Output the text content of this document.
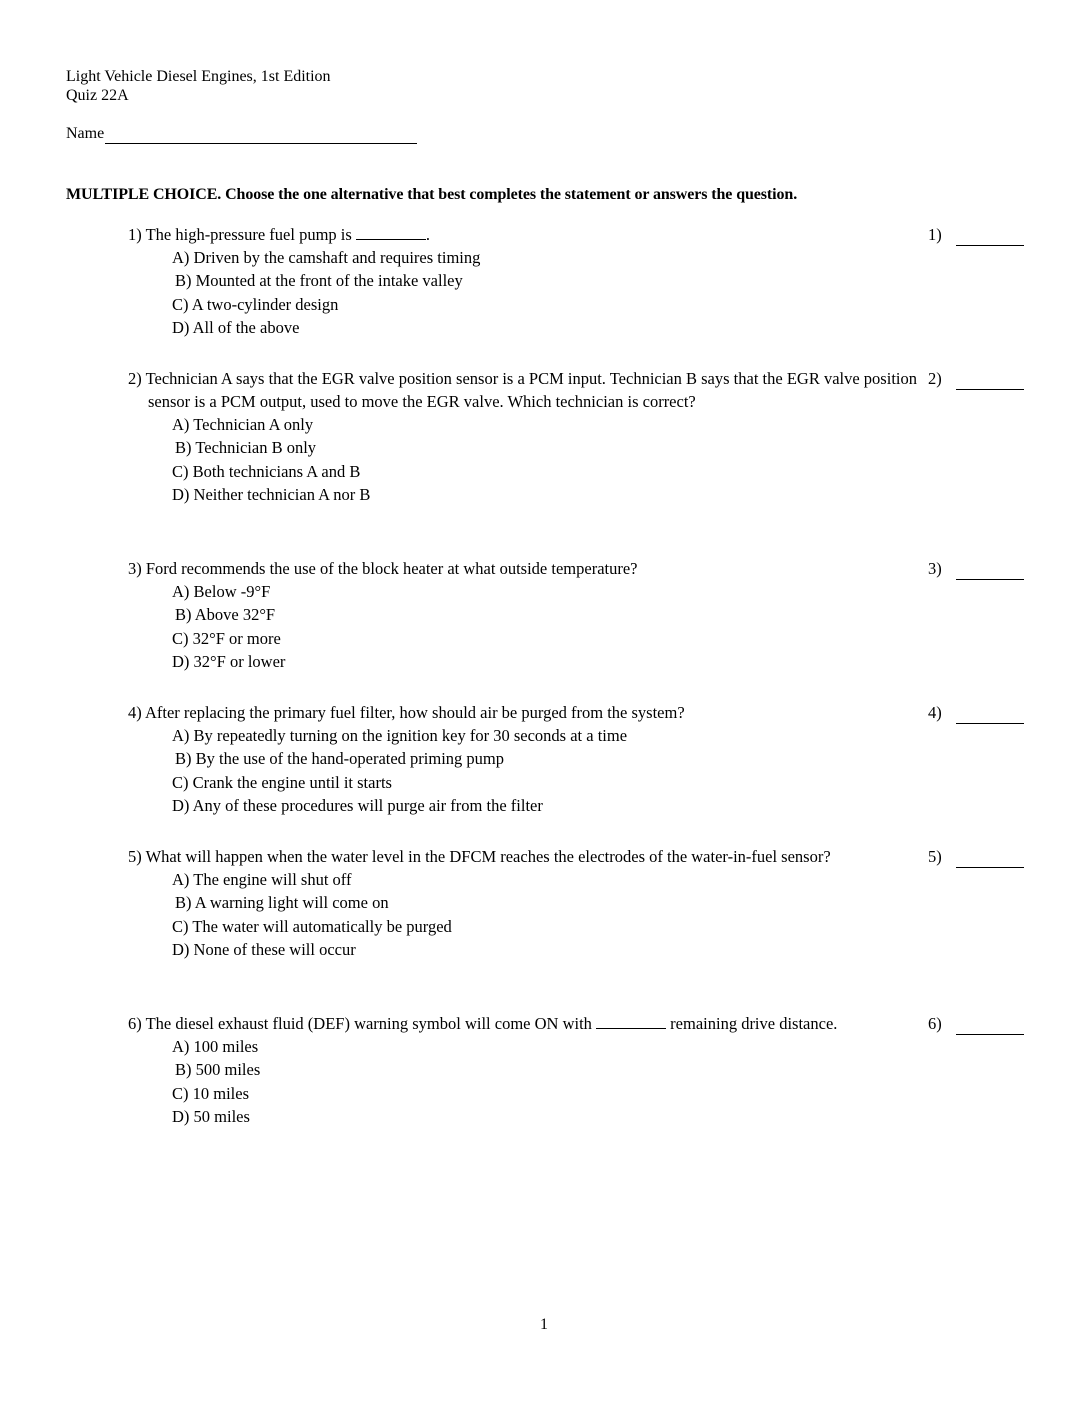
Light Vehicle Diesel Engines, 1st Edition
Quiz 22A
Name
MULTIPLE CHOICE. Choose the one alternative that best completes the statement or answers the question.
1) The high-pressure fuel pump is	.	1)
A) Driven by the camshaft and requires timing
B) Mounted at the front of the intake valley
C) A two-cylinder design
D) All of the above
2) Technician A says that the EGR valve position sensor is a PCM input. Technician B says that the EGR valve position sensor is a PCM output, used to move the EGR valve. Which technician is correct?
2)
A) Technician A only
B) Technician B only
C) Both technicians A and B
D) Neither technician A nor B
3) Ford recommends the use of the block heater at what outside temperature?	3)
A) Below -9°F
B) Above 32°F
C) 32°F or more
D) 32°F or lower
4) After replacing the primary fuel filter, how should air be purged from the system?	4)
A) By repeatedly turning on the ignition key for 30 seconds at a time
B) By the use of the hand-operated priming pump
C) Crank the engine until it starts
D) Any of these procedures will purge air from the filter
5) What will happen when the water level in the DFCM reaches the electrodes of the water-in-fuel sensor?	5)
A) The engine will shut off
B) A warning light will come on
C) The water will automatically be purged
D) None of these will occur
6) The diesel exhaust fluid (DEF) warning symbol will come ON with	remaining drive distance.	6)
A) 100 miles
B) 500 miles
C) 10 miles
D) 50 miles
1
